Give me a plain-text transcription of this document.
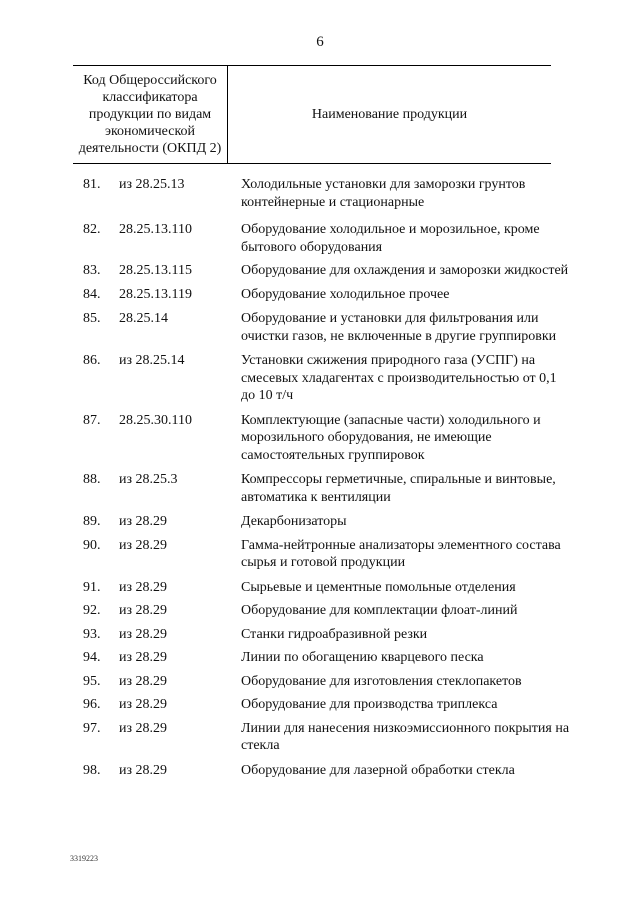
6
Код Общероссийского классификатора продукции по видам экономической деятельности (ОКПД 2)
Наименование продукции
81. из 28.25.13	Холодильные установки для заморозки грунтов контейнерные и стационарные
82. 28.25.13.110	Оборудование холодильное и морозильное, кроме бытового оборудования
83. 28.25.13.115	Оборудование для охлаждения и заморозки жидкостей
84. 28.25.13.119	Оборудование холодильное прочее
85. 28.25.14	Оборудование и установки для фильтрования или очистки газов, не включенные в другие группировки
86. из 28.25.14	Установки сжижения природного газа (УСПГ) на смесевых хладагентах с производительностью от 0,1 до 10 т/ч
87. 28.25.30.110	Комплектующие (запасные части) холодильного и морозильного оборудования, не имеющие самостоятельных группировок
88. из 28.25.3	Компрессоры герметичные, спиральные и винтовые, автоматика к вентиляции
89. из 28.29	Декарбонизаторы
90. из 28.29	Гамма-нейтронные анализаторы элементного состава сырья и готовой продукции
91. из 28.29	Сырьевые и цементные помольные отделения
92. из 28.29	Оборудование для комплектации флоат-линий
93. из 28.29	Станки гидроабразивной резки
94. из 28.29	Линии по обогащению кварцевого песка
95. из 28.29	Оборудование для изготовления стеклопакетов
96. из 28.29	Оборудование для производства триплекса
97. из 28.29	Линии для нанесения низкоэмиссионного покрытия на стекла
98. из 28.29	Оборудование для лазерной обработки стекла
3319223
